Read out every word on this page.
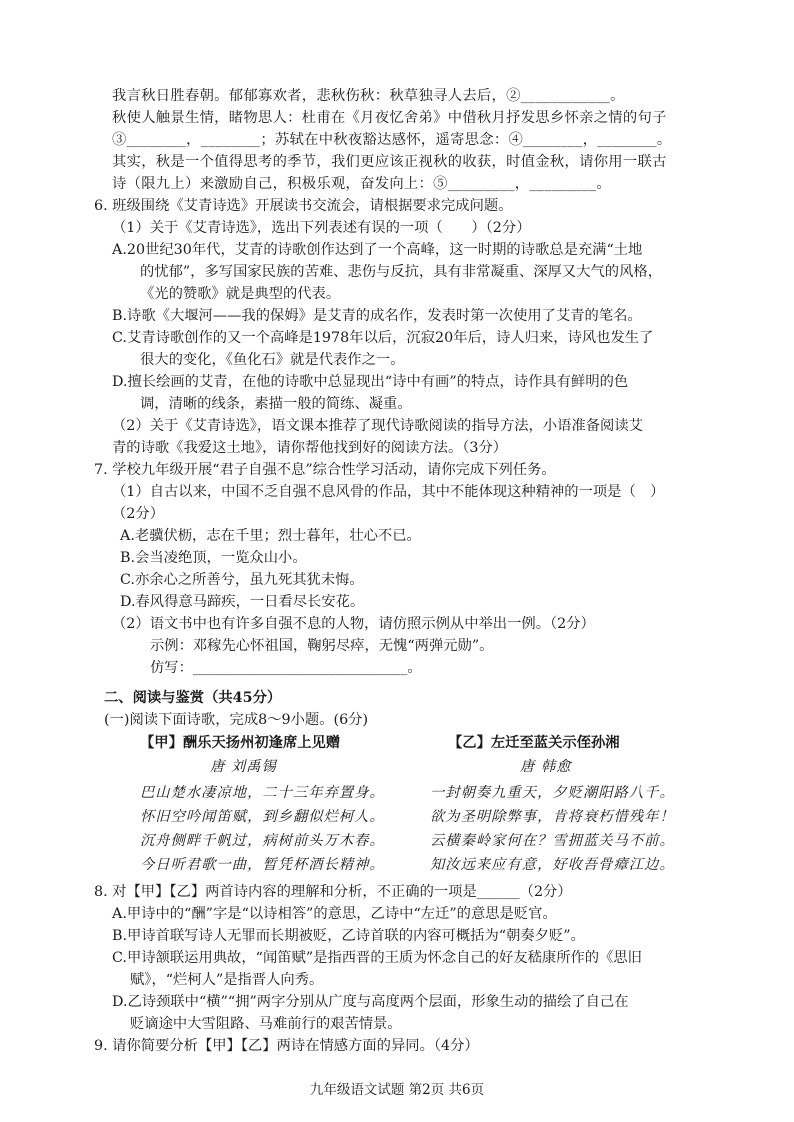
我言秋日胜春朝。郁郁寡欢者，悲秋伤秋：秋草独寻人去后，②____________。
秋使人触景生情，睹物思人：杜甫在《月夜忆舍弟》中借秋月抒发思乡怀亲之情的句子
③________，________；苏轼在中秋夜豁达感怀，遥寄思念：④________，________。
其实，秋是一个值得思考的季节，我们更应该正视秋的收获，时值金秋，请你用一联古
诗（限九上）来激励自己，积极乐观，奋发向上：⑤_________，_________。
6. 班级围绕《艾青诗选》开展读书交流会，请根据要求完成问题。
（1）关于《艾青诗选》，选出下列表述有误的一项（　　）（2分）
A.20世纪30年代，艾青的诗歌创作达到了一个高峰，这一时期的诗歌总是充满“土地
的忧郁”，多写国家民族的苦难、悲伤与反抗，具有非常凝重、深厚又大气的风格，
《光的赞歌》就是典型的代表。
B.诗歌《大堰河——我的保姆》是艾青的成名作，发表时第一次使用了艾青的笔名。
C.艾青诗歌创作的又一个高峰是1978年以后，沉寂20年后，诗人归来，诗风也发生了
很大的变化，《鱼化石》就是代表作之一。
D.擅长绘画的艾青，在他的诗歌中总显现出“诗中有画”的特点，诗作具有鲜明的色
调，清晰的线条，素描一般的简练、凝重。
（2）关于《艾青诗选》，语文课本推荐了现代诗歌阅读的指导方法，小语准备阅读艾
青的诗歌《我爱这土地》，请你帮他找到好的阅读方法。（3分）
7. 学校九年级开展“君子自强不息”综合性学习活动，请你完成下列任务。
（1）自古以来，中国不乏自强不息风骨的作品，其中不能体现这种精神的一项是（　）
（2分）
A.老骥伏枥，志在千里；烈士暮年，壮心不已。
B.会当凌绝顶，一览众山小。
C.亦余心之所善兮，虽九死其犹未悔。
D.春风得意马蹄疾，一日看尽长安花。
（2）语文书中也有许多自强不息的人物，请仿照示例从中举出一例。（2分）
示例：邓稼先心怀祖国，鞠躬尽瘁，无愧“两弹元勋”。
仿写：______________________________。
二、阅读与鉴赏（共45分）
(一)阅读下面诗歌，完成8～9小题。(6分)
【甲】酬乐天扬州初逢席上见赠
唐 刘禹锡
巴山楚水凄凉地，二十三年弃置身。
怀旧空吟闻笛赋，到乡翻似烂柯人。
沉舟侧畔千帆过，病树前头万木春。
今日听君歌一曲，暂凭杯酒长精神。
【乙】左迁至蓝关示侄孙湘
唐 韩愈
一封朝奏九重天，夕贬潮阳路八千。
欲为圣明除弊事，肯将衰朽惜残年！
云横秦岭家何在？雪拥蓝关马不前。
知汝远来应有意，好收吾骨瘴江边。
8. 对【甲】【乙】两首诗内容的理解和分析，不正确的一项是______（2分）
A.甲诗中的“酬”字是“以诗相答”的意思，乙诗中“左迁”的意思是贬官。
B.甲诗首联写诗人无罪而长期被贬，乙诗首联的内容可概括为“朝奏夕贬”。
C.甲诗颔联运用典故，“闻笛赋”是指西晋的王质为怀念自己的好友嵇康所作的《思旧
赋》，“烂柯人”是指晋人向秀。
D.乙诗颈联中“横”“拥”两字分别从广度与高度两个层面，形象生动的描绘了自己在
贬谪途中大雪阻路、马难前行的艰苦情景。
9. 请你简要分析【甲】【乙】两诗在情感方面的异同。（4分）
九年级语文试题 第2页 共6页
